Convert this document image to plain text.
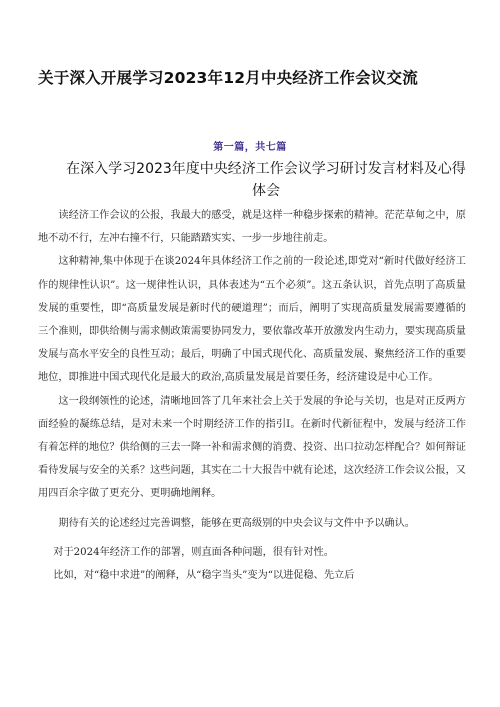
关于深入开展学习2023年12月中央经济工作会议交流
第一篇，共七篇
在深入学习2023年度中央经济工作会议学习研讨发言材料及心得体会

读经济工作会议的公报，我最大的感受，就是这样一种稳步探索的精神。茫茫草甸之中，原地不动不行，左冲右撞不行，只能踏踏实实、一步一步地往前走。

这种精神,集中体现于在谈2024年具体经济工作之前的一段论述,即党对“新时代做好经济工作的规律性认识”。这一规律性认识，具体表述为“五个必须”。这五条认识，首先点明了高质量发展的重要性，即“高质量发展是新时代的硬道理”；而后，阐明了实现高质量发展需要遵循的三个准则，即供给侧与需求侧政策需要协同发力，要依靠改革开放激发内生动力，要实现高质量发展与高水平安全的良性互动；最后，明确了中国式现代化、高质量发展、聚焦经济工作的重要地位，即推进中国式现代化是最大的政治,高质量发展是首要任务，经济建设是中心工作。

这一段纲领性的论述，清晰地回答了几年来社会上关于发展的争论与关切，也是对正反两方面经验的凝练总结，是对未来一个时期经济工作的指引Ⅰ。在新时代新征程中，发展与经济工作有着怎样的地位？供给侧的三去一降一补和需求侧的消费、投资、出口拉动怎样配合？如何辩证看待发展与安全的关系？这些问题，其实在二十大报告中就有论述，这次经济工作会议公报，又用四百余字做了更充分、更明确地阐释。

期待有关的论述经过完善调整，能够在更高级别的中央会议与文件中予以确认。

对于2024年经济工作的部署，则直面各种问题，很有针对性。

比如，对“稳中求进”的阐释，从“稳字当头”变为“以进促稳、先立后
